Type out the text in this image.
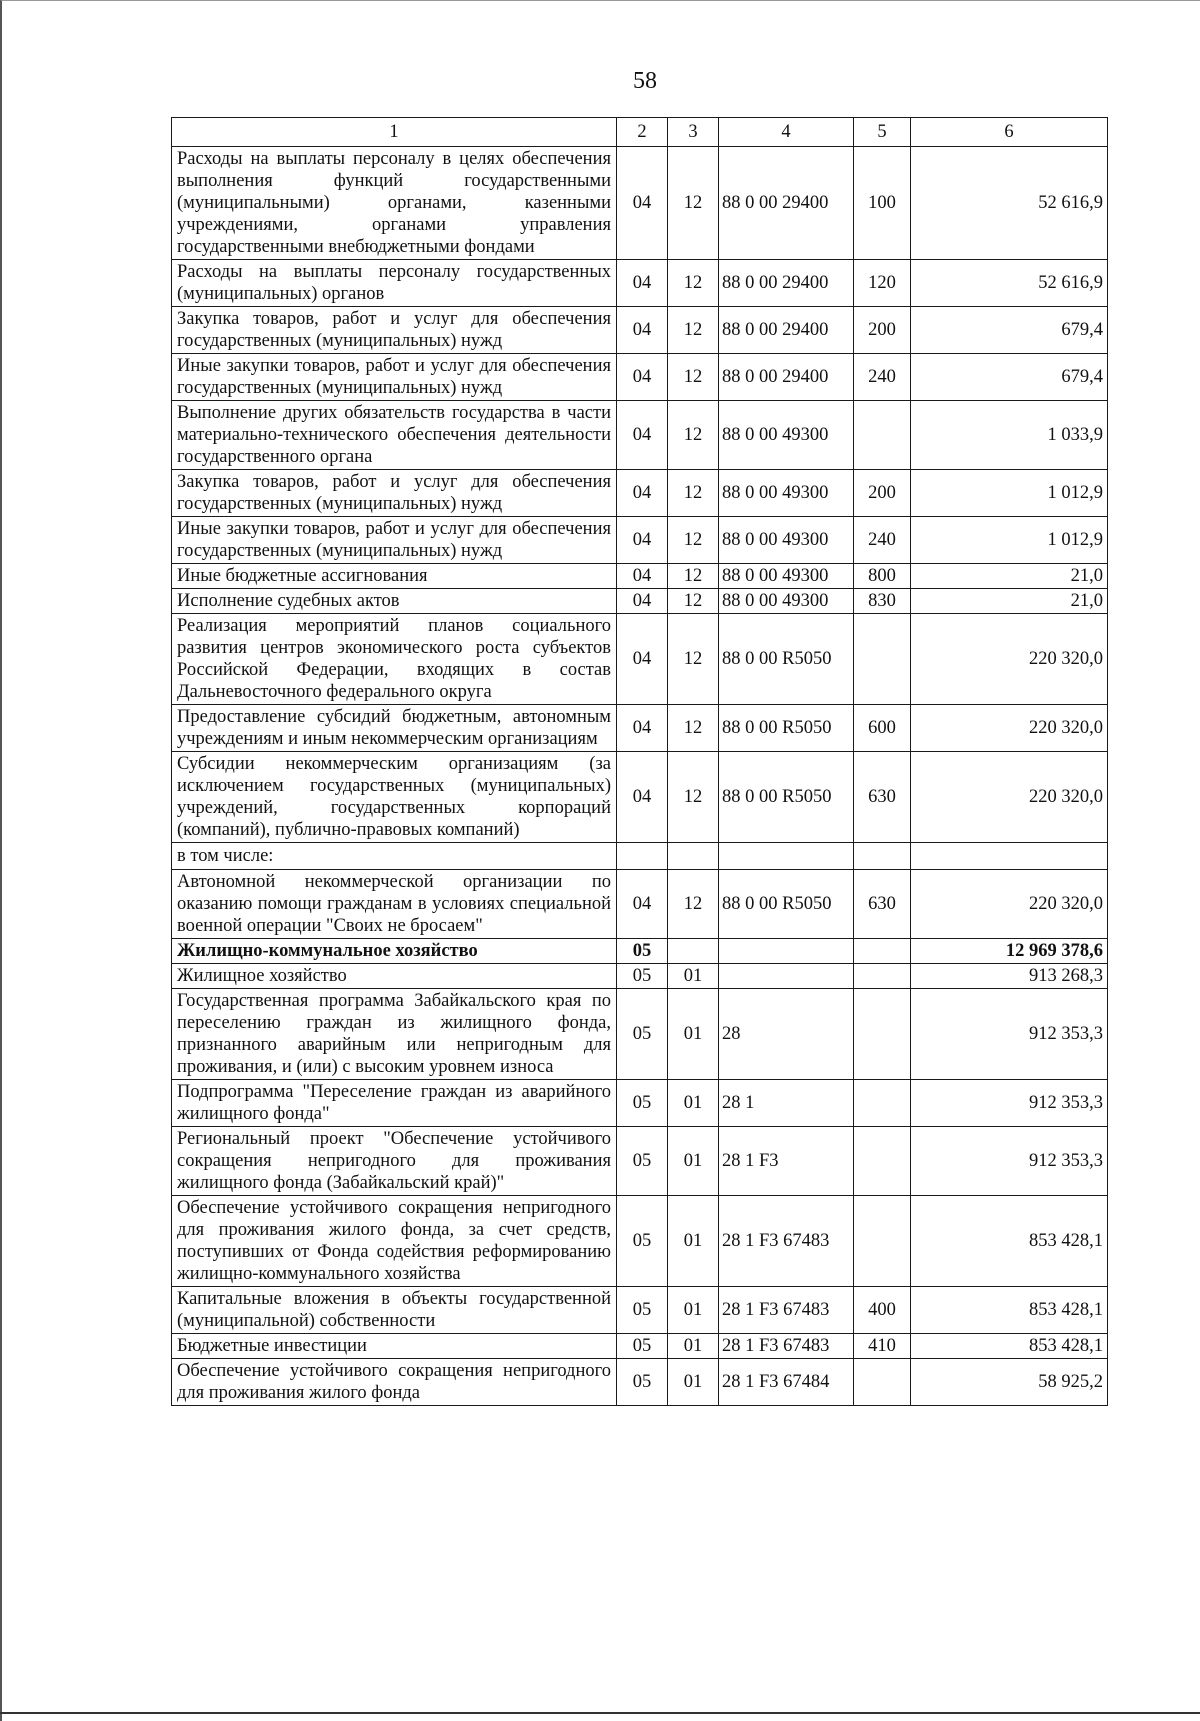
58
1	2	3	4	5	6
Расходы на выплаты персоналу в целях обеспечения выполнения функций государственными (муниципальными) органами, казенными учреждениями, органами управления государственными внебюджетными фондами	04	12	88 0 00 29400	100	52 616,9
Расходы на выплаты персоналу государственных (муниципальных) органов	04	12	88 0 00 29400	120	52 616,9
Закупка товаров, работ и услуг для обеспечения государственных (муниципальных) нужд	04	12	88 0 00 29400	200	679,4
Иные закупки товаров, работ и услуг для обеспечения государственных (муниципальных) нужд	04	12	88 0 00 29400	240	679,4
Выполнение других обязательств государства в части материально-технического обеспечения деятельности государственного органа	04	12	88 0 00 49300		1 033,9
Закупка товаров, работ и услуг для обеспечения государственных (муниципальных) нужд	04	12	88 0 00 49300	200	1 012,9
Иные закупки товаров, работ и услуг для обеспечения государственных (муниципальных) нужд	04	12	88 0 00 49300	240	1 012,9
Иные бюджетные ассигнования	04	12	88 0 00 49300	800	21,0
Исполнение судебных актов	04	12	88 0 00 49300	830	21,0
Реализация мероприятий планов социального развития центров экономического роста субъектов Российской Федерации, входящих в состав Дальневосточного федерального округа	04	12	88 0 00 R5050		220 320,0
Предоставление субсидий бюджетным, автономным учреждениям и иным некоммерческим организациям	04	12	88 0 00 R5050	600	220 320,0
Субсидии некоммерческим организациям (за исключением государственных (муниципальных) учреждений, государственных корпораций (компаний), публично-правовых компаний)	04	12	88 0 00 R5050	630	220 320,0
в том числе:					
Автономной некоммерческой организации по оказанию помощи гражданам в условиях специальной военной операции "Своих не бросаем"	04	12	88 0 00 R5050	630	220 320,0
Жилищно-коммунальное хозяйство	05				12 969 378,6
Жилищное хозяйство	05	01			913 268,3
Государственная программа Забайкальского края по переселению граждан из жилищного фонда, признанного аварийным или непригодным для проживания, и (или) с высоким уровнем износа	05	01	28		912 353,3
Подпрограмма "Переселение граждан из аварийного жилищного фонда"	05	01	28 1		912 353,3
Региональный проект "Обеспечение устойчивого сокращения непригодного для проживания жилищного фонда (Забайкальский край)"	05	01	28 1 F3		912 353,3
Обеспечение устойчивого сокращения непригодного для проживания жилого фонда, за счет средств, поступивших от Фонда содействия реформированию жилищно-коммунального хозяйства	05	01	28 1 F3 67483		853 428,1
Капитальные вложения в объекты государственной (муниципальной) собственности	05	01	28 1 F3 67483	400	853 428,1
Бюджетные инвестиции	05	01	28 1 F3 67483	410	853 428,1
Обеспечение устойчивого сокращения непригодного для проживания жилого фонда	05	01	28 1 F3 67484		58 925,2
